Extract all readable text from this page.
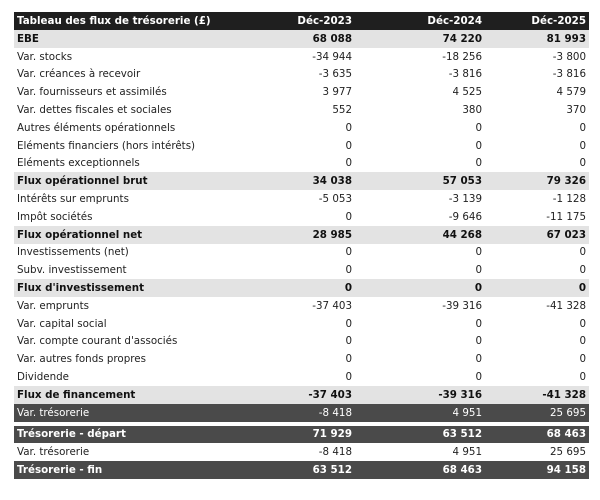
Tableau des flux de trésorerie (£)	Déc-2023	Déc-2024	Déc-2025
EBE	68 088	74 220	81 993
Var. stocks	-34 944	-18 256	-3 800
Var. créances à recevoir	-3 635	-3 816	-3 816
Var. fournisseurs et assimilés	3 977	4 525	4 579
Var. dettes fiscales et sociales	552	380	370
Autres éléments opérationnels	0	0	0
Eléments financiers (hors intérêts)	0	0	0
Eléments exceptionnels	0	0	0
Flux opérationnel brut	34 038	57 053	79 326
Intérêts sur emprunts	-5 053	-3 139	-1 128
Impôt sociétés	0	-9 646	-11 175
Flux opérationnel net	28 985	44 268	67 023
Investissements (net)	0	0	0
Subv. investissement	0	0	0
Flux d'investissement	0	0	0
Var. emprunts	-37 403	-39 316	-41 328
Var. capital social	0	0	0
Var. compte courant d'associés	0	0	0
Var. autres fonds propres	0	0	0
Dividende	0	0	0
Flux de financement	-37 403	-39 316	-41 328
Var. trésorerie	-8 418	4 951	25 695

Trésorerie - départ	71 929	63 512	68 463
Var. trésorerie	-8 418	4 951	25 695
Trésorerie - fin	63 512	68 463	94 158
